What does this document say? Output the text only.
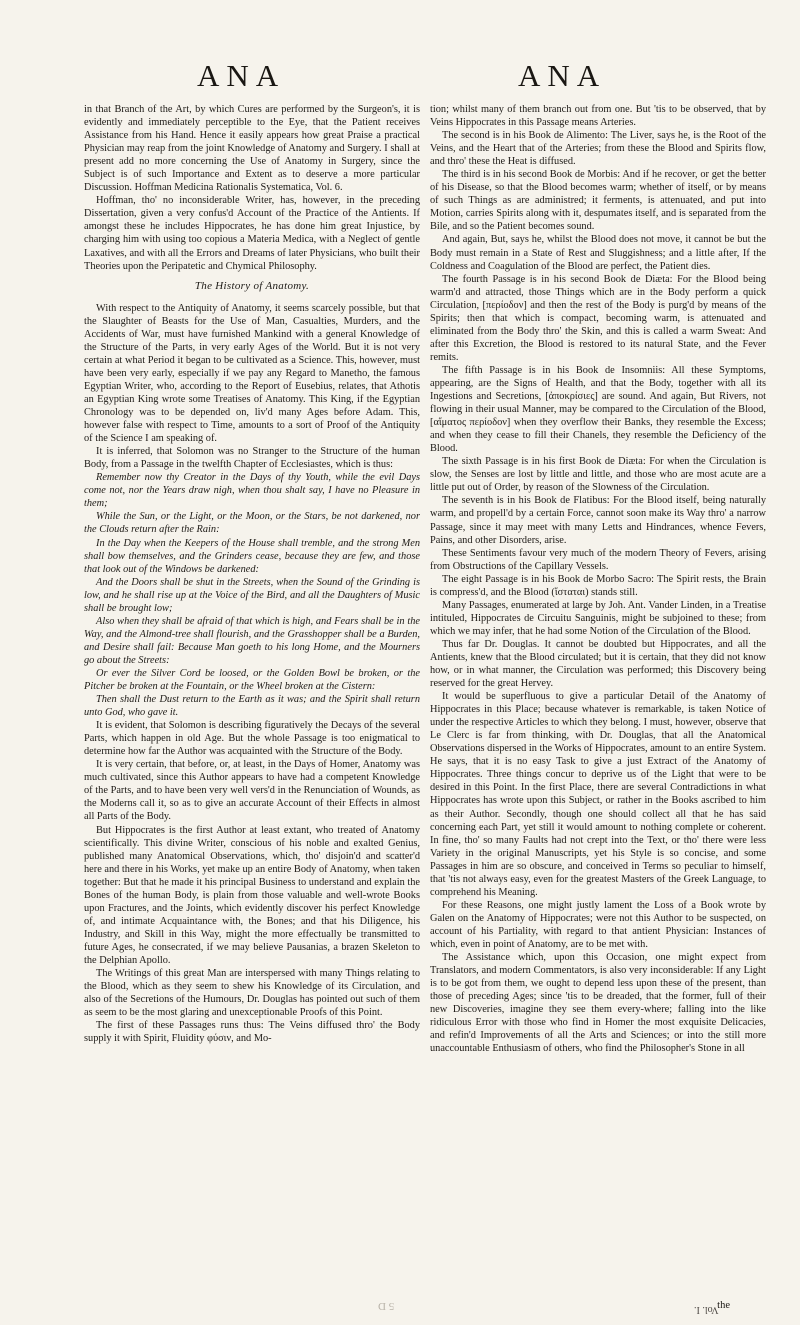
ANA	ANA

in that Branch of the Art, by which Cures are performed by the Surgeon's, it is evidently and immediately perceptible to the Eye, that the Patient receives Assistance from his Hand. Hence it easily appears how great Praise a practical Physician may reap from the joint Knowledge of Anatomy and Surgery. I shall at present add no more concerning the Use of Anatomy in Surgery, since the Subject is of such Importance and Extent as to deserve a more particular Discussion. Hoffman Medicina Rationalis Systematica, Vol. 6.

Hoffman, tho' no inconsiderable Writer, has, however, in the preceding Dissertation, given a very confus'd Account of the Practice of the Antients. If amongst these he includes Hippocrates, he has done him great Injustice, by charging him with using too copious a Materia Medica, with a Neglect of gentle Laxatives, and with all the Errors and Dreams of later Physicians, who built their Theories upon the Peripatetic and Chymical Philosophy.

The History of Anatomy.

With respect to the Antiquity of Anatomy, it seems scarcely possible, but that the Slaughter of Beasts for the Use of Man, Casualties, Murders, and the Accidents of War, must have furnished Mankind with a general Knowledge of the Structure of the Parts, in very early Ages of the World. But it is not very certain at what Period it began to be cultivated as a Science. This, however, must have been very early, especially if we pay any Regard to Manetho, the famous Egyptian Writer, who, according to the Report of Eusebius, relates, that Athotis an Egyptian King wrote some Treatises of Anatomy. This King, if the Egyptian Chronology was to be depended on, liv'd many Ages before Adam. This, however false with respect to Time, amounts to a sort of Proof of the Antiquity of the Science I am speaking of.

It is inferred, that Solomon was no Stranger to the Structure of the human Body, from a Passage in the twelfth Chapter of Ecclesiastes, which is thus:

Remember now thy Creator in the Days of thy Youth, while the evil Days come not, nor the Years draw nigh, when thou shalt say, I have no Pleasure in them;

While the Sun, or the Light, or the Moon, or the Stars, be not darkened, nor the Clouds return after the Rain:

In the Day when the Keepers of the House shall tremble, and the strong Men shall bow themselves, and the Grinders cease, because they are few, and those that look out of the Windows be darkened:

And the Doors shall be shut in the Streets, when the Sound of the Grinding is low, and he shall rise up at the Voice of the Bird, and all the Daughters of Music shall be brought low;

Also when they shall be afraid of that which is high, and Fears shall be in the Way, and the Almond-tree shall flourish, and the Grasshopper shall be a Burden, and Desire shall fail: Because Man goeth to his long Home, and the Mourners go about the Streets:

Or ever the Silver Cord be loosed, or the Golden Bowl be broken, or the Pitcher be broken at the Fountain, or the Wheel broken at the Cistern:

Then shall the Dust return to the Earth as it was; and the Spirit shall return unto God, who gave it.

It is evident, that Solomon is describing figuratively the Decays of the several Parts, which happen in old Age. But the whole Passage is too enigmatical to determine how far the Author was acquainted with the Structure of the Body.

It is very certain, that before, or, at least, in the Days of Homer, Anatomy was much cultivated, since this Author appears to have had a competent Knowledge of the Parts, and to have been very well vers'd in the Renunciation of Wounds, as the Moderns call it, so as to give an accurate Account of their Effects in almost all Parts of the Body.

But Hippocrates is the first Author at least extant, who treated of Anatomy scientifically. This divine Writer, conscious of his noble and exalted Genius, published many Anatomical Observations, which, tho' disjoin'd and scatter'd here and there in his Works, yet make up an entire Body of Anatomy, when taken together: But that he made it his principal Business to understand and explain the Bones of the human Body, is plain from those valuable and well-wrote Books upon Fractures, and the Joints, which evidently discover his perfect Knowledge of, and intimate Acquaintance with, the Bones; and that his Diligence, his Industry, and Skill in this Way, might the more effectually be transmitted to future Ages, he consecrated, if we may believe Pausanias, a brazen Skeleton to the Delphian Apollo.

The Writings of this great Man are interspersed with many Things relating to the Blood, which as they seem to shew his Knowledge of its Circulation, and also of the Secretions of the Humours, Dr. Douglas has pointed out such of them as seem to be the most glaring and unexceptionable Proofs of this Point.

The first of these Passages runs thus: The Veins diffused thro' the Body supply it with Spirit, Fluidity φύσιν, and Mo-

tion; whilst many of them branch out from one. But 'tis to be observed, that by Veins Hippocrates in this Passage means Arteries.

The second is in his Book de Alimento: The Liver, says he, is the Root of the Veins, and the Heart that of the Arteries; from these the Blood and Spirits flow, and thro' these the Heat is diffused.

The third is in his second Book de Morbis: And if he recover, or get the better of his Disease, so that the Blood becomes warm; whether of itself, or by means of such Things as are administred; it ferments, is attenuated, and put into Motion, carries Spirits along with it, despumates itself, and is separated from the Bile, and so the Patient becomes sound.

And again, But, says he, whilst the Blood does not move, it cannot be but the Body must remain in a State of Rest and Sluggishness; and a little after, If the Coldness and Coagulation of the Blood are perfect, the Patient dies.

The fourth Passage is in his second Book de Diæta: For the Blood being warm'd and attracted, those Things which are in the Body perform a quick Circulation, [περίοδον] and then the rest of the Body is purg'd by means of the Spirits; then that which is compact, becoming warm, is attenuated and eliminated from the Body thro' the Skin, and this is called a warm Sweat: And after this Excretion, the Blood is restored to its natural State, and the Fever remits.

The fifth Passage is in his Book de Insomniis: All these Symptoms, appearing, are the Signs of Health, and that the Body, together with all its Ingestions and Secretions, [ἀποκρίσιες] are sound. And again, But Rivers, not flowing in their usual Manner, may be compared to the Circulation of the Blood, [αἵματος περίοδον] when they overflow their Banks, they resemble the Excess; and when they cease to fill their Chanels, they resemble the Deficiency of the Blood.

The sixth Passage is in his first Book de Diæta: For when the Circulation is slow, the Senses are lost by little and little, and those who are most acute are a little put out of Order, by reason of the Slowness of the Circulation.

The seventh is in his Book de Flatibus: For the Blood itself, being naturally warm, and propell'd by a certain Force, cannot soon make its Way thro' a narrow Passage, since it may meet with many Letts and Hindrances, whence Fevers, Pains, and other Disorders, arise.

These Sentiments favour very much of the modern Theory of Fevers, arising from Obstructions of the Capillary Vessels.

The eight Passage is in his Book de Morbo Sacro: The Spirit rests, the Brain is compress'd, and the Blood (ἵσταται) stands still.

Many Passages, enumerated at large by Joh. Ant. Vander Linden, in a Treatise intituled, Hippocrates de Circuitu Sanguinis, might be subjoined to these; from which we may infer, that he had some Notion of the Circulation of the Blood.

Thus far Dr. Douglas. It cannot be doubted but Hippocrates, and all the Antients, knew that the Blood circulated; but it is certain, that they did not know how, or in what manner, the Circulation was performed; this Discovery being reserved for the great Hervey.

It would be superfluous to give a particular Detail of the Anatomy of Hippocrates in this Place; because whatever is remarkable, is taken Notice of under the respective Articles to which they belong. I must, however, observe that Le Clerc is far from thinking, with Dr. Douglas, that all the Anatomical Observations dispersed in the Works of Hippocrates, amount to an entire System. He says, that it is no easy Task to give a just Extract of the Anatomy of Hippocrates. Three things concur to deprive us of the Light that were to be desired in this Point. In the first Place, there are several Contradictions in what Hippocrates has wrote upon this Subject, or rather in the Books ascribed to him as their Author. Secondly, though one should collect all that he has said concerning each Part, yet still it would amount to nothing complete or coherent. In fine, tho' so many Faults had not crept into the Text, or tho' there were less Variety in the original Manuscripts, yet his Style is so concise, and some Passages in him are so obscure, and conceived in Terms so peculiar to himself, that 'tis not always easy, even for the greatest Masters of the Greek Language, to comprehend his Meaning.

For these Reasons, one might justly lament the Loss of a Book wrote by Galen on the Anatomy of Hippocrates; were not this Author to be suspected, on account of his Partiality, with regard to that antient Physician: Instances of which, even in point of Anatomy, are to be met with.

The Assistance which, upon this Occasion, one might expect from Translators, and modern Commentators, is also very inconsiderable: If any Light is to be got from them, we ought to depend less upon these of the present, than those of preceding Ages; since 'tis to be dreaded, that the former, full of their new Discoveries, imagine they see them every-where; falling into the like ridiculous Error with those who find in Homer the most exquisite Delicacies, and refin'd Improvements of all the Arts and Sciences; or into the still more unaccountable Enthusiasm of others, who find the Philosopher's Stone in all

5 D	Vol. I.
the
